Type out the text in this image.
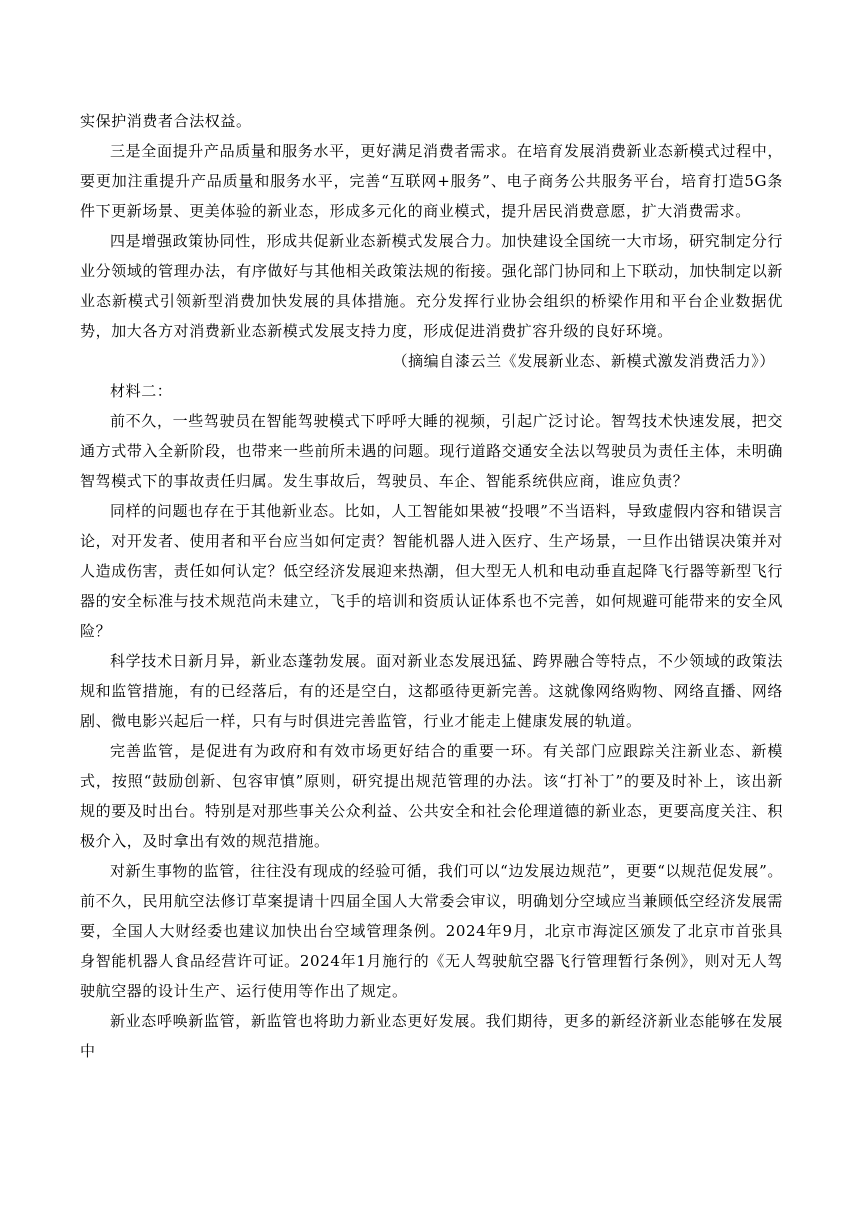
实保护消费者合法权益。

三是全面提升产品质量和服务水平，更好满足消费者需求。在培育发展消费新业态新模式过程中，要更加注重提升产品质量和服务水平，完善“互联网+服务”、电子商务公共服务平台，培育打造5G条件下更新场景、更美体验的新业态，形成多元化的商业模式，提升居民消费意愿，扩大消费需求。

四是增强政策协同性，形成共促新业态新模式发展合力。加快建设全国统一大市场，研究制定分行业分领域的管理办法，有序做好与其他相关政策法规的衔接。强化部门协同和上下联动，加快制定以新业态新模式引领新型消费加快发展的具体措施。充分发挥行业协会组织的桥梁作用和平台企业数据优势，加大各方对消费新业态新模式发展支持力度，形成促进消费扩容升级的良好环境。

（摘编自漆云兰《发展新业态、新模式激发消费活力》）

材料二：

前不久，一些驾驶员在智能驾驶模式下呼呼大睡的视频，引起广泛讨论。智驾技术快速发展，把交通方式带入全新阶段，也带来一些前所未遇的问题。现行道路交通安全法以驾驶员为责任主体，未明确智驾模式下的事故责任归属。发生事故后，驾驶员、车企、智能系统供应商，谁应负责？

同样的问题也存在于其他新业态。比如，人工智能如果被“投喂”不当语料，导致虚假内容和错误言论，对开发者、使用者和平台应当如何定责？智能机器人进入医疗、生产场景，一旦作出错误决策并对人造成伤害，责任如何认定？低空经济发展迎来热潮，但大型无人机和电动垂直起降飞行器等新型飞行器的安全标准与技术规范尚未建立，飞手的培训和资质认证体系也不完善，如何规避可能带来的安全风险？

科学技术日新月异，新业态蓬勃发展。面对新业态发展迅猛、跨界融合等特点，不少领域的政策法规和监管措施，有的已经落后，有的还是空白，这都亟待更新完善。这就像网络购物、网络直播、网络剧、微电影兴起后一样，只有与时俱进完善监管，行业才能走上健康发展的轨道。

完善监管，是促进有为政府和有效市场更好结合的重要一环。有关部门应跟踪关注新业态、新模式，按照“鼓励创新、包容审慎”原则，研究提出规范管理的办法。该“打补丁”的要及时补上，该出新规的要及时出台。特别是对那些事关公众利益、公共安全和社会伦理道德的新业态，更要高度关注、积极介入，及时拿出有效的规范措施。

对新生事物的监管，往往没有现成的经验可循，我们可以“边发展边规范”，更要“以规范促发展”。前不久，民用航空法修订草案提请十四届全国人大常委会审议，明确划分空域应当兼顾低空经济发展需要，全国人大财经委也建议加快出台空域管理条例。2024年9月，北京市海淀区颁发了北京市首张具身智能机器人食品经营许可证。2024年1月施行的《无人驾驶航空器飞行管理暂行条例》，则对无人驾驶航空器的设计生产、运行使用等作出了规定。

新业态呼唤新监管，新监管也将助力新业态更好发展。我们期待，更多的新经济新业态能够在发展中
